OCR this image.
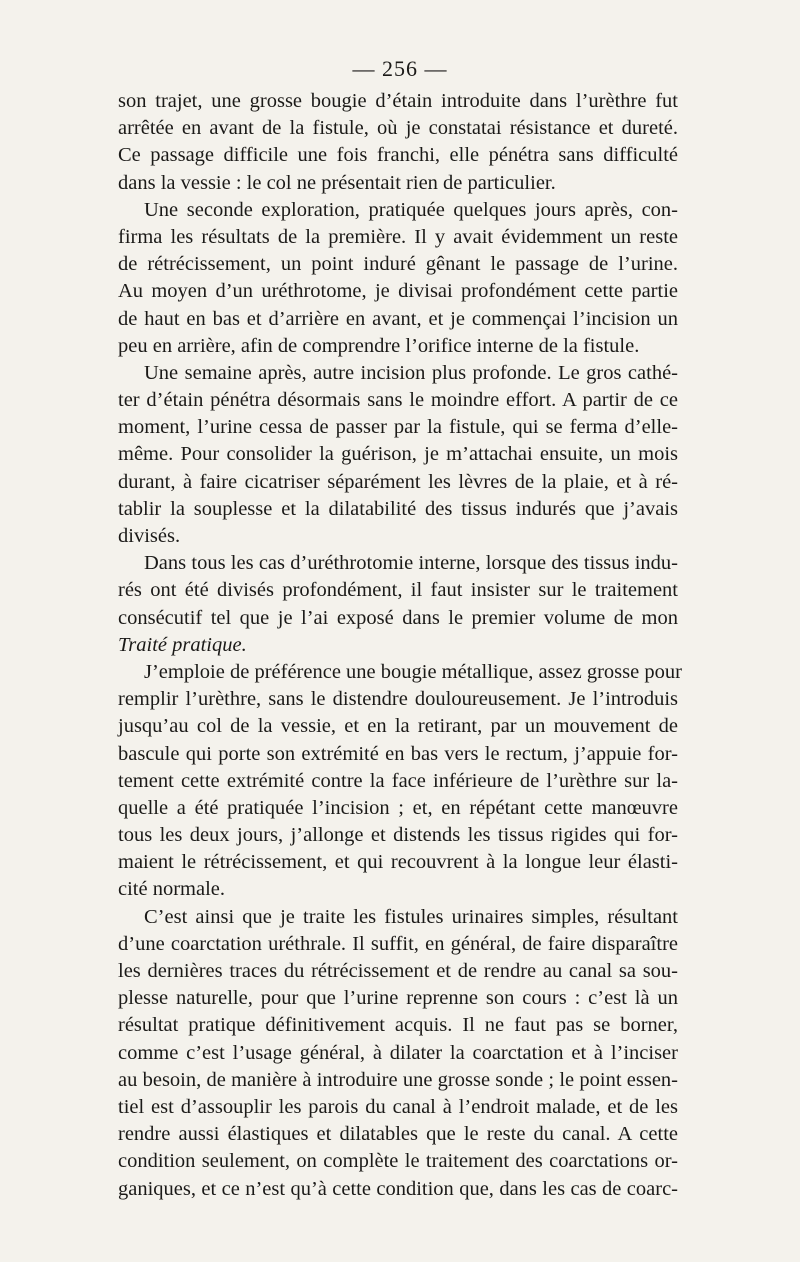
— 256 —
son trajet, une grosse bougie d’étain introduite dans l’urèthre fut
arrêtée en avant de la fistule, où je constatai résistance et dureté.
Ce passage difficile une fois franchi, elle pénétra sans difficulté
dans la vessie : le col ne présentait rien de particulier.
Une seconde exploration, pratiquée quelques jours après, con-
firma les résultats de la première. Il y avait évidemment un reste
de rétrécissement, un point induré gênant le passage de l’urine.
Au moyen d’un uréthrotome, je divisai profondément cette partie
de haut en bas et d’arrière en avant, et je commençai l’incision un
peu en arrière, afin de comprendre l’orifice interne de la fistule.
Une semaine après, autre incision plus profonde. Le gros cathé-
ter d’étain pénétra désormais sans le moindre effort. A partir de ce
moment, l’urine cessa de passer par la fistule, qui se ferma d’elle-
même. Pour consolider la guérison, je m’attachai ensuite, un mois
durant, à faire cicatriser séparément les lèvres de la plaie, et à ré-
tablir la souplesse et la dilatabilité des tissus indurés que j’avais
divisés.
Dans tous les cas d’uréthrotomie interne, lorsque des tissus indu-
rés ont été divisés profondément, il faut insister sur le traitement
consécutif tel que je l’ai exposé dans le premier volume de mon
Traité pratique.
J’emploie de préférence une bougie métallique, assez grosse pour
remplir l’urèthre, sans le distendre douloureusement. Je l’introduis
jusqu’au col de la vessie, et en la retirant, par un mouvement de
bascule qui porte son extrémité en bas vers le rectum, j’appuie for-
tement cette extrémité contre la face inférieure de l’urèthre sur la-
quelle a été pratiquée l’incision ; et, en répétant cette manœuvre
tous les deux jours, j’allonge et distends les tissus rigides qui for-
maient le rétrécissement, et qui recouvrent à la longue leur élasti-
cité normale.
C’est ainsi que je traite les fistules urinaires simples, résultant
d’une coarctation uréthrale. Il suffit, en général, de faire disparaître
les dernières traces du rétrécissement et de rendre au canal sa sou-
plesse naturelle, pour que l’urine reprenne son cours : c’est là un
résultat pratique définitivement acquis. Il ne faut pas se borner,
comme c’est l’usage général, à dilater la coarctation et à l’inciser
au besoin, de manière à introduire une grosse sonde ; le point essen-
tiel est d’assouplir les parois du canal à l’endroit malade, et de les
rendre aussi élastiques et dilatables que le reste du canal. A cette
condition seulement, on complète le traitement des coarctations or-
ganiques, et ce n’est qu’à cette condition que, dans les cas de coarc-
